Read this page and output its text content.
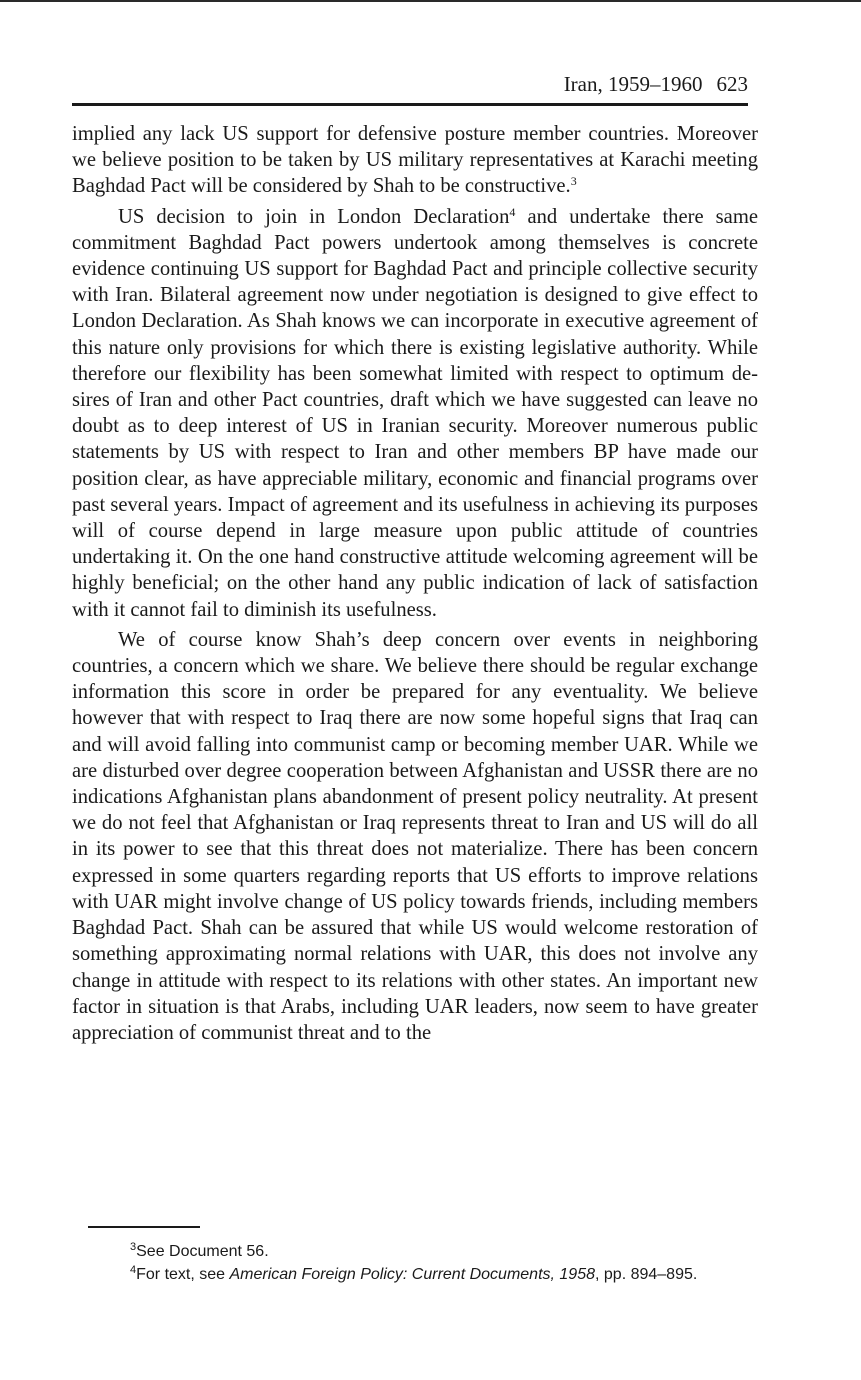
Iran, 1959–1960 623

implied any lack US support for defensive posture member countries. Moreover we believe position to be taken by US military representatives at Karachi meeting Baghdad Pact will be considered by Shah to be constructive.$^3$

US decision to join in London Declaration$^4$ and undertake there same commitment Baghdad Pact powers undertook among themselves is concrete evidence continuing US support for Baghdad Pact and principle collective security with Iran. Bilateral agreement now under negotiation is designed to give effect to London Declaration. As Shah knows we can incorporate in executive agreement of this nature only provisions for which there is existing legislative authority. While therefore our flexibility has been somewhat limited with respect to optimum desires of Iran and other Pact countries, draft which we have suggested can leave no doubt as to deep interest of US in Iranian security. Moreover numerous public statements by US with respect to Iran and other members BP have made our position clear, as have appreciable military, economic and financial programs over past several years. Impact of agreement and its usefulness in achieving its purposes will of course depend in large measure upon public attitude of countries undertaking it. On the one hand constructive attitude welcoming agreement will be highly beneficial; on the other hand any public indication of lack of satisfaction with it cannot fail to diminish its usefulness.

We of course know Shah’s deep concern over events in neighboring countries, a concern which we share. We believe there should be regular exchange information this score in order be prepared for any eventuality. We believe however that with respect to Iraq there are now some hopeful signs that Iraq can and will avoid falling into communist camp or becoming member UAR. While we are disturbed over degree cooperation between Afghanistan and USSR there are no indications Afghanistan plans abandonment of present policy neutrality. At present we do not feel that Afghanistan or Iraq represents threat to Iran and US will do all in its power to see that this threat does not materialize. There has been concern expressed in some quarters regarding reports that US efforts to improve relations with UAR might involve change of US policy towards friends, including members Baghdad Pact. Shah can be assured that while US would welcome restoration of something approximating normal relations with UAR, this does not involve any change in attitude with respect to its relations with other states. An important new factor in situation is that Arabs, including UAR leaders, now seem to have greater appreciation of communist threat and to the

$^3$See Document 56.

$^4$For text, see American Foreign Policy: Current Documents, 1958, pp. 894–895.
